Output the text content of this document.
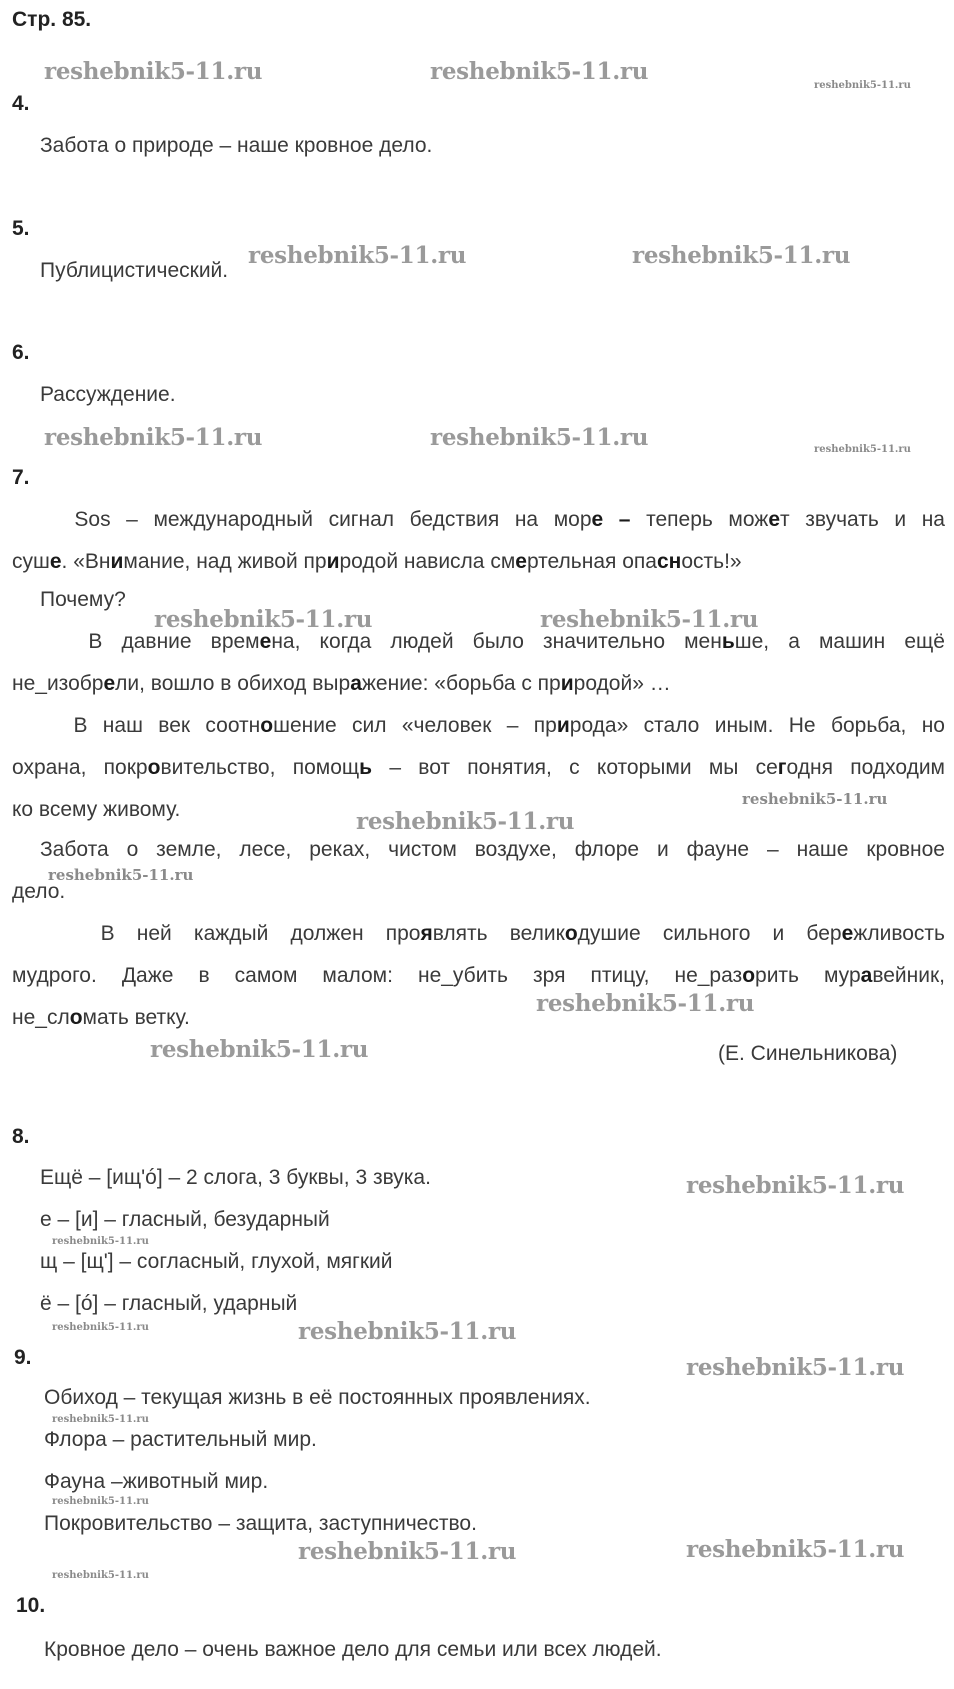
Стр. 85.
4.
Забота о природе – наше кровное дело.
5.
Публицистический.
6.
Рассуждение.
7.
Sos – международный сигнал бедствия на море – теперь может звучать и на
суше. «Внимание, над живой природой нависла смертельная опасность!»
Почему?
В давние времена, когда людей было значительно меньше, а машин ещё
не_изобрели, вошло в обиход выражение: «борьба с природой» …
В наш век соотношение сил «человек – природа» стало иным. Не борьба, но
охрана, покровительство, помощь – вот понятия, с которыми мы сегодня подходим
ко всему живому.
Забота о земле, лесе, реках, чистом воздухе, флоре и фауне – наше кровное
дело.
В ней каждый должен проявлять великодушие сильного и бережливость
мудрого. Даже в самом малом: не_убить зря птицу, не_разорить муравейник,
не_сломать ветку.
(Е. Синельникова)
8.
Ещё – [ищ'ó] – 2 слога, 3 буквы, 3 звука.
е – [и] – гласный, безударный
щ – [щ'] – согласный, глухой, мягкий
ё – [ó] – гласный, ударный
9.
Обиход – текущая жизнь в её постоянных проявлениях.
Флора – растительный мир.
Фауна –животный мир.
Покровительство – защита, заступничество.
10.
Кровное дело – очень важное дело для семьи или всех людей.
reshebnik5-11.ru	reshebnik5-11.ru
reshebnik5-11.ru	reshebnik5-11.ru
reshebnik5-11.ru	reshebnik5-11.ru
reshebnik5-11.ru	reshebnik5-11.ru
reshebnik5-11.ru
reshebnik5-11.ru
reshebnik5-11.ru
reshebnik5-11.ru
reshebnik5-11.ru
reshebnik5-11.ru
reshebnik5-11.ru	reshebnik5-11.ru
reshebnik5-11.ru
reshebnik5-11.ru
reshebnik5-11.ru
reshebnik5-11.ru
reshebnik5-11.ru
reshebnik5-11.ru
reshebnik5-11.ru
reshebnik5-11.ru
reshebnik5-11.ru
